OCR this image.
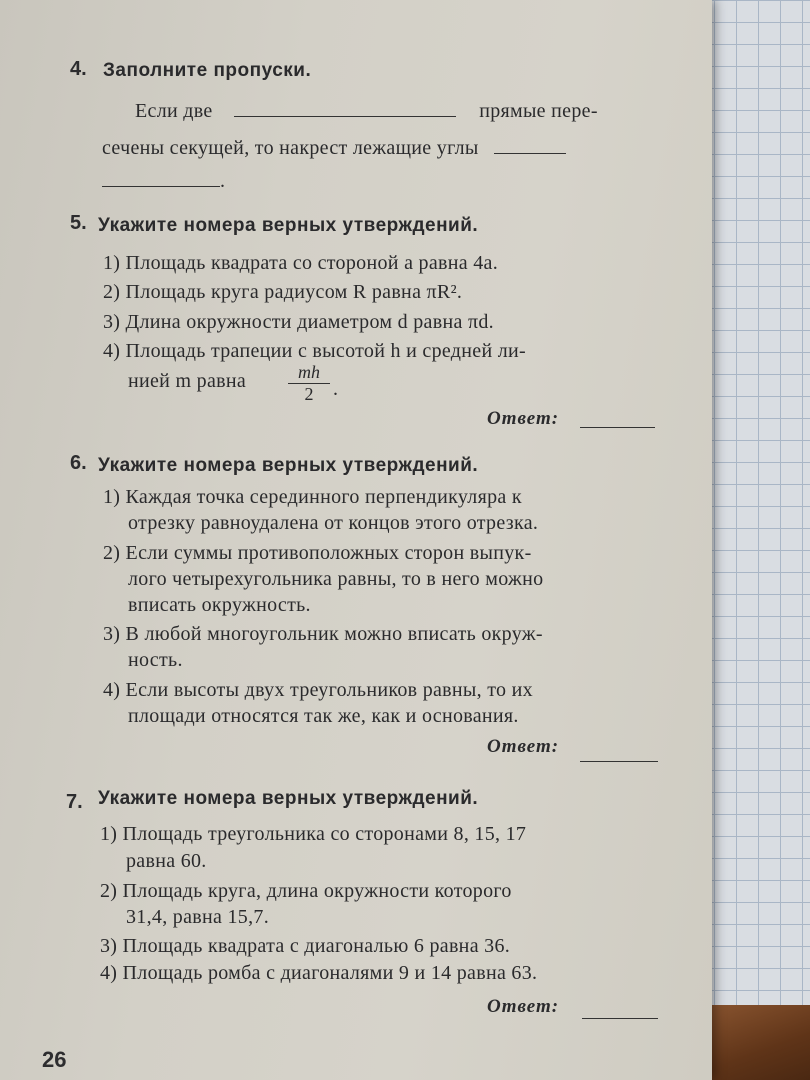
4. Заполните пропуски.
Если две	прямые пере-
сечены секущей, то накрест лежащие углы
.
5. Укажите номера верных утверждений.
1) Площадь квадрата со стороной a равна 4a.
2) Площадь круга радиусом R равна πR².
3) Длина окружности диаметром d равна πd.
4) Площадь трапеции с высотой h и средней ли-
нией m равна $\frac{mh}{2}$ .
Ответ:
6. Укажите номера верных утверждений.
1) Каждая точка серединного перпендикуляра к
отрезку равноудалена от концов этого отрезка.
2) Если суммы противоположных сторон выпук-
лого четырехугольника равны, то в него можно
вписать окружность.
3) В любой многоугольник можно вписать окруж-
ность.
4) Если высоты двух треугольников равны, то их
площади относятся так же, как и основания.
Ответ:
7. Укажите номера верных утверждений.
1) Площадь треугольника со сторонами 8, 15, 17
равна 60.
2) Площадь круга, длина окружности которого
31,4, равна 15,7.
3) Площадь квадрата с диагональю 6 равна 36.
4) Площадь ромба с диагоналями 9 и 14 равна 63.
Ответ:
26
